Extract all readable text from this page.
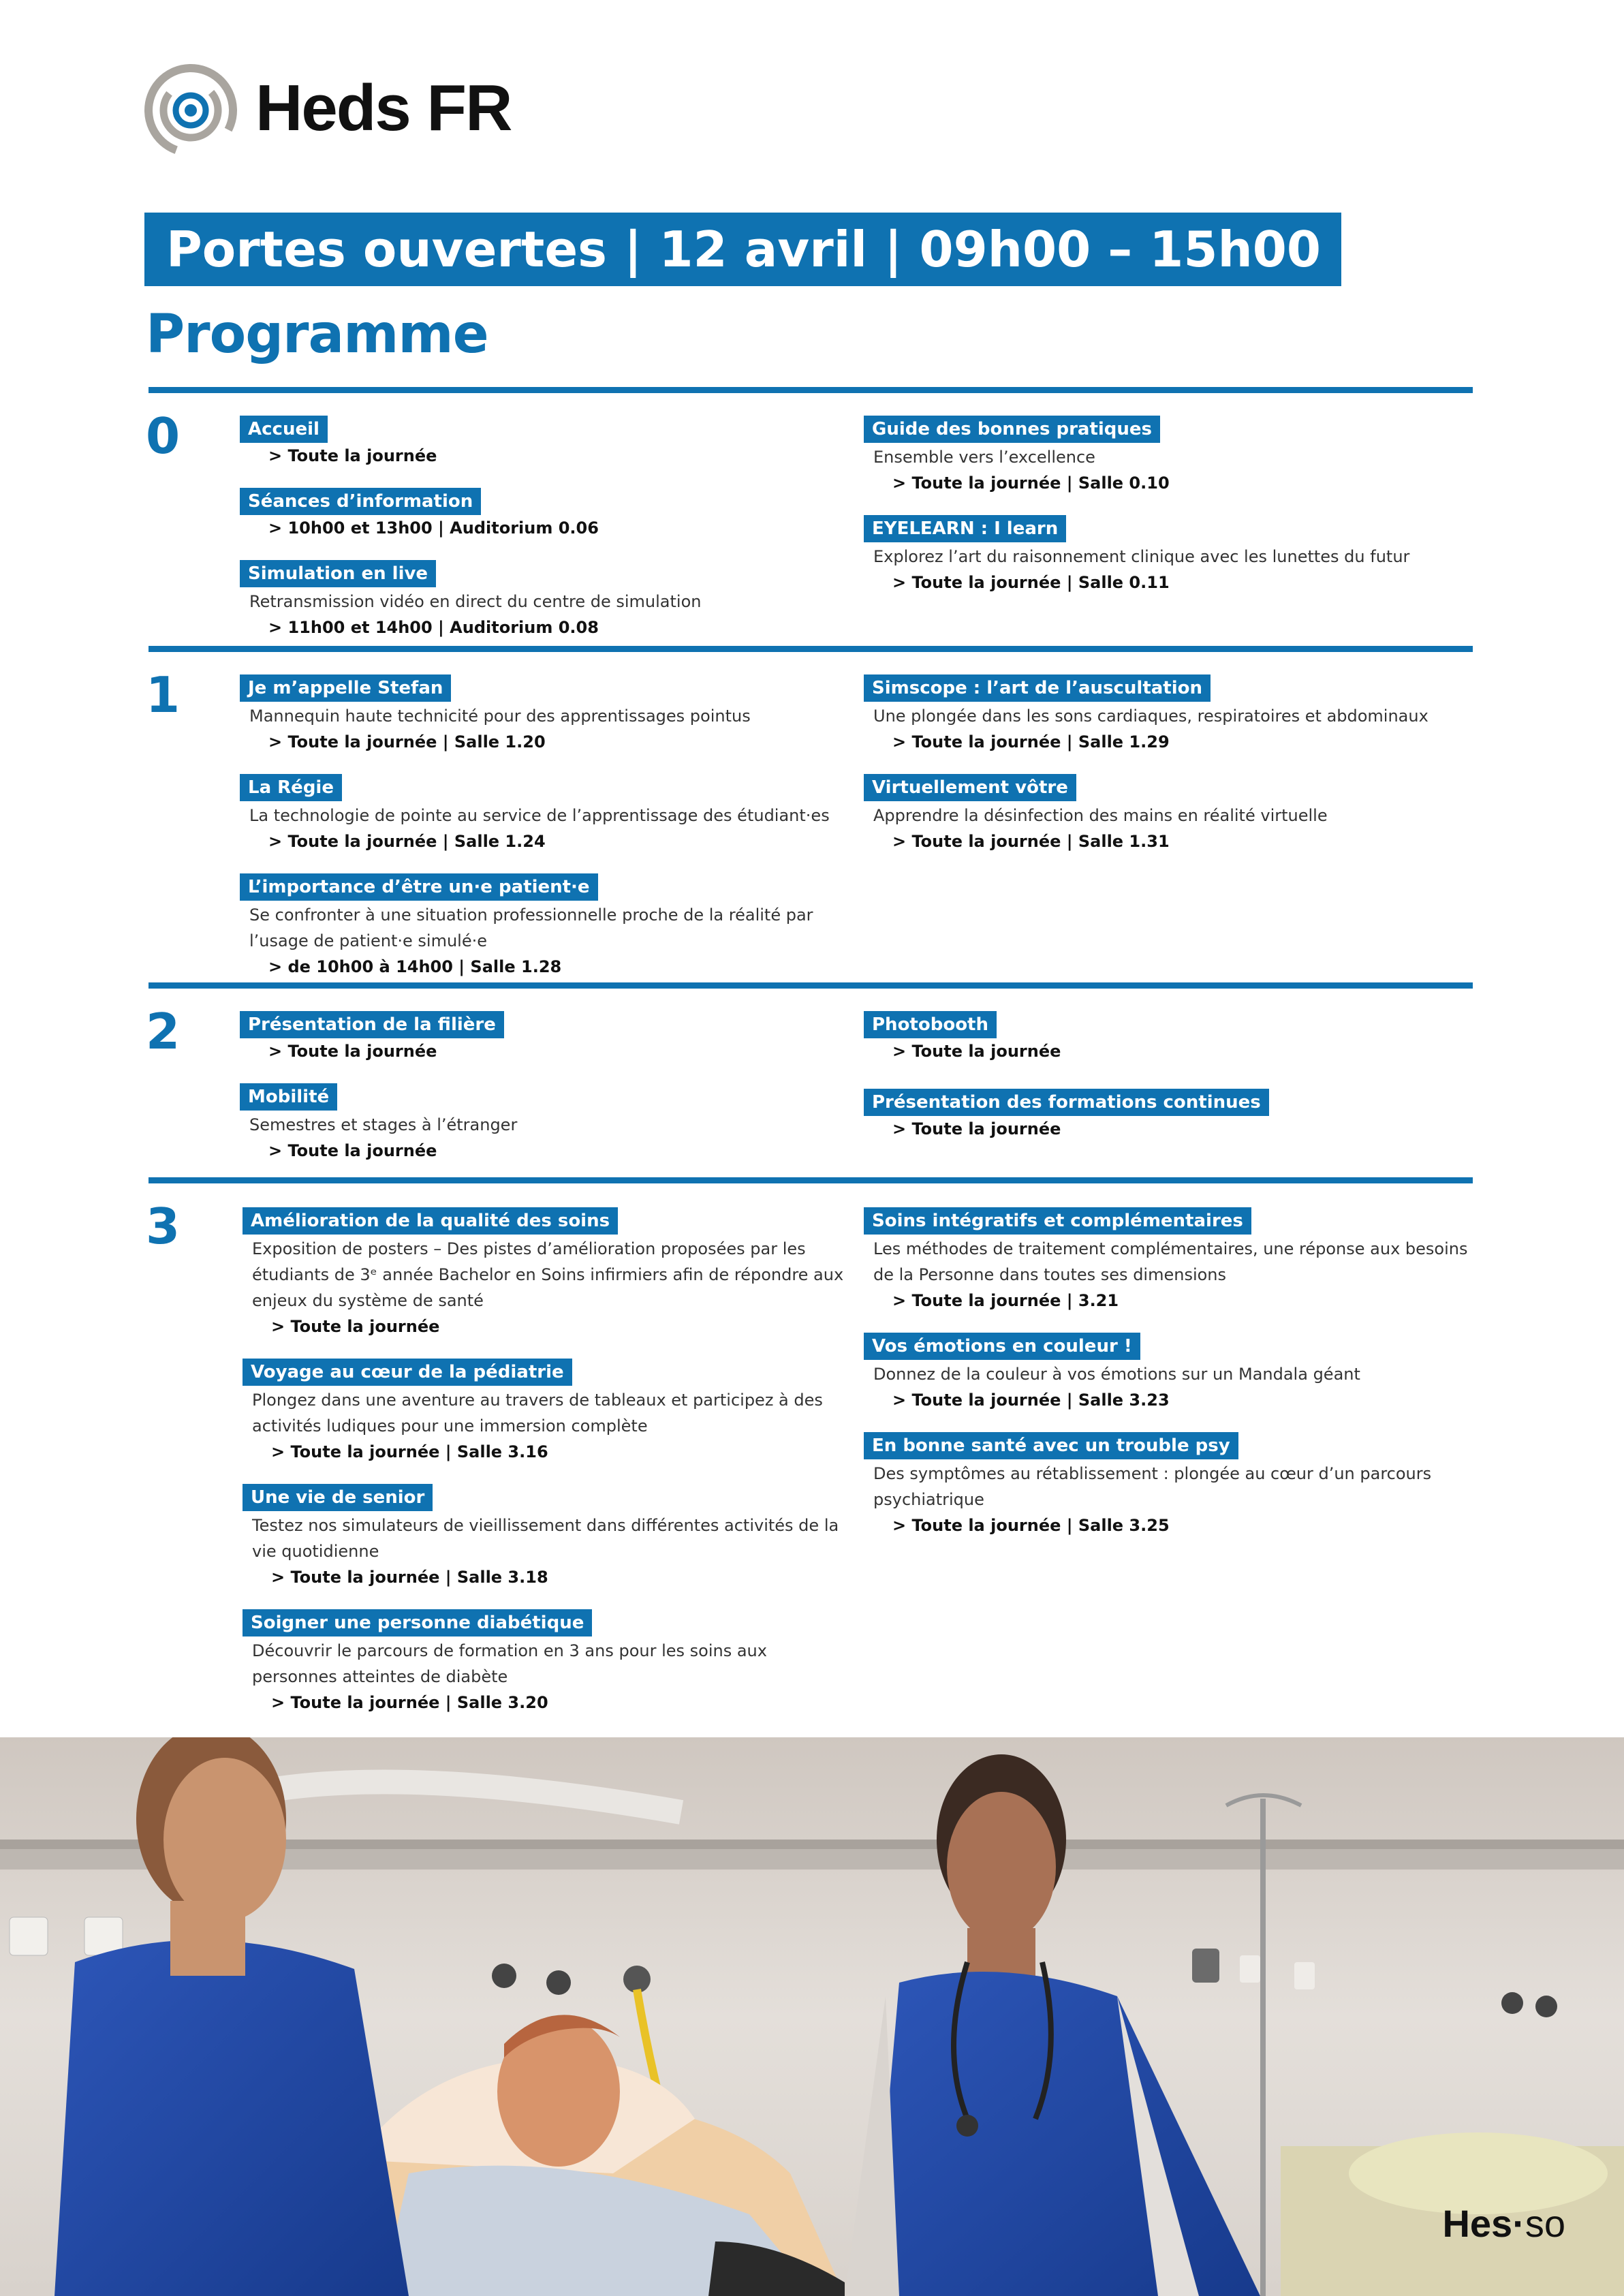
Heds FR
Portes ouvertes | 12 avril | 09h00 – 15h00
Programme
0	Accueil
> Toute la journée
Séances d’information
> 10h00 et 13h00 | Auditorium 0.06
Simulation en live
Retransmission vidéo en direct du centre de simulation
> 11h00 et 14h00 | Auditorium 0.08
Guide des bonnes pratiques
Ensemble vers l’excellence
> Toute la journée | Salle 0.10
EYELEARN : I learn
Explorez l’art du raisonnement clinique avec les lunettes du futur
> Toute la journée | Salle 0.11
1	Je m’appelle Stefan
Mannequin haute technicité pour des apprentissages pointus
> Toute la journée | Salle 1.20
La Régie
La technologie de pointe au service de l’apprentissage des étudiant·es
> Toute la journée | Salle 1.24
L’importance d’être un·e patient·e
Se confronter à une situation professionnelle proche de la réalité par l’usage de patient·e simulé·e
> de 10h00 à 14h00 | Salle 1.28
Simscope : l’art de l’auscultation
Une plongée dans les sons cardiaques, respiratoires et abdominaux
> Toute la journée | Salle 1.29
Virtuellement vôtre
Apprendre la désinfection des mains en réalité virtuelle
> Toute la journée | Salle 1.31
2	Présentation de la filière
> Toute la journée
Mobilité
Semestres et stages à l’étranger
> Toute la journée
Photobooth
> Toute la journée
Présentation des formations continues
> Toute la journée
3	Amélioration de la qualité des soins
Exposition de posters – Des pistes d’amélioration proposées par les étudiants de 3ᵉ année Bachelor en Soins infirmiers afin de répondre aux enjeux du système de santé
> Toute la journée
Voyage au cœur de la pédiatrie
Plongez dans une aventure au travers de tableaux et participez à des activités ludiques pour une immersion complète
> Toute la journée | Salle 3.16
Une vie de senior
Testez nos simulateurs de vieillissement dans différentes activités de la vie quotidienne
> Toute la journée | Salle 3.18
Soigner une personne diabétique
Découvrir le parcours de formation en 3 ans pour les soins aux personnes atteintes de diabète
> Toute la journée | Salle 3.20
Soins intégratifs et complémentaires
Les méthodes de traitement complémentaires, une réponse aux besoins de la Personne dans toutes ses dimensions
> Toute la journée | 3.21
Vos émotions en couleur !
Donnez de la couleur à vos émotions sur un Mandala géant
> Toute la journée | Salle 3.23
En bonne santé avec un trouble psy
Des symptômes au rétablissement : plongée au cœur d’un parcours psychiatrique
> Toute la journée | Salle 3.25
Hes·so
